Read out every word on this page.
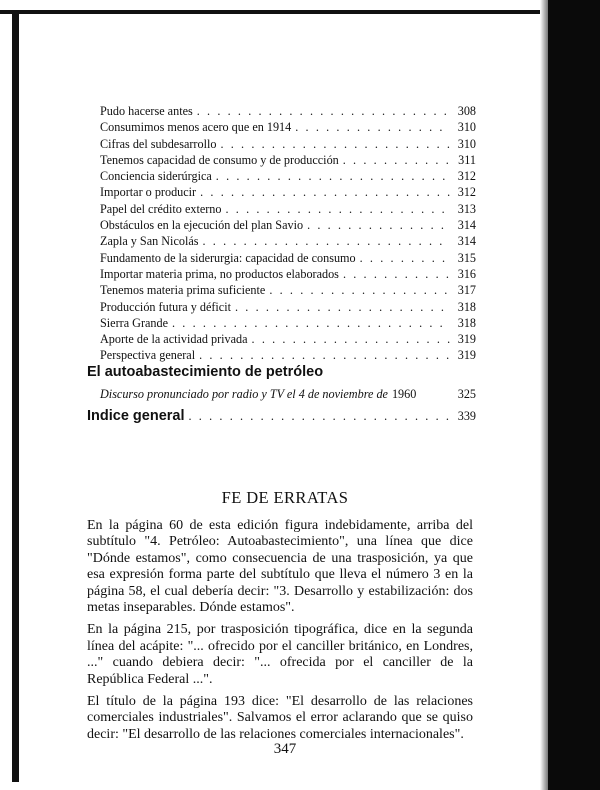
Pudo hacerse antes . . .	308
Consumimos menos acero que en 1914 . . .	310
Cifras del subdesarrollo . . .	310
Tenemos capacidad de consumo y de producción . . .	311
Conciencia siderúrgica . . .	312
Importar o producir . . .	312
Papel del crédito externo . . .	313
Obstáculos en la ejecución del plan Savio . . .	314
Zapla y San Nicolás . . .	314
Fundamento de la siderurgia: capacidad de consumo . . .	315
Importar materia prima, no productos elaborados . . .	316
Tenemos materia prima suficiente . . .	317
Producción futura y déficit . . .	318
Sierra Grande . . .	318
Aporte de la actividad privada . . .	319
Perspectiva general . . .	319
El autoabastecimiento de petróleo
Discurso pronunciado por radio y TV el 4 de noviembre de 1960	325
Indice general . . .	339
FE DE ERRATAS

En la página 60 de esta edición figura indebidamente, arriba del subtítulo "4. Petróleo: Autoabastecimiento", una línea que dice "Dónde estamos", como consecuencia de una trasposición, ya que esa expresión forma parte del subtítulo que lleva el número 3 en la página 58, el cual debería decir: "3. Desarrollo y estabilización: dos metas inseparables. Dónde estamos".

En la página 215, por trasposición tipográfica, dice en la segunda línea del acápite: "... ofrecido por el canciller británico, en Londres, ..." cuando debiera decir: "... ofrecida por el canciller de la República Federal ...".

El título de la página 193 dice: "El desarrollo de las relaciones comerciales industriales". Salvamos el error aclarando que se quiso decir: "El desarrollo de las relaciones comerciales internacionales".

347
